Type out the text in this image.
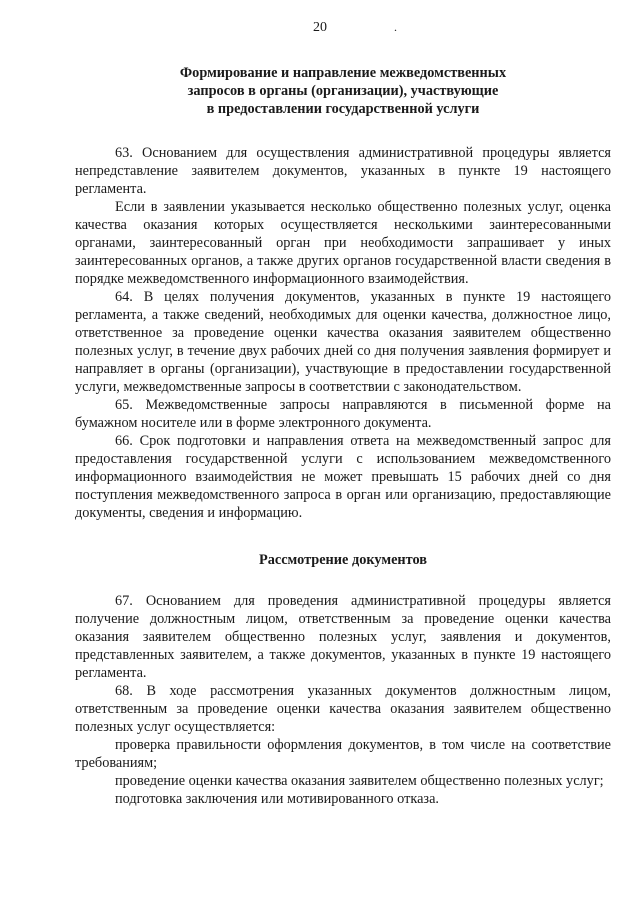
20	.
Формирование и направление межведомственных
запросов в органы (организации), участвующие
в предоставлении государственной услуги

63. Основанием для осуществления административной процедуры является непредставление заявителем документов, указанных в пункте 19 настоящего регламента.

Если в заявлении указывается несколько общественно полезных услуг, оценка качества оказания которых осуществляется несколькими заинтересованными органами, заинтересованный орган при необходимости запрашивает у иных заинтересованных органов, а также других органов государственной власти сведения в порядке межведомственного информационного взаимодействия.

64. В целях получения документов, указанных в пункте 19 настоящего регламента, а также сведений, необходимых для оценки качества, должностное лицо, ответственное за проведение оценки качества оказания заявителем общественно полезных услуг, в течение двух рабочих дней со дня получения заявления формирует и направляет в органы (организации), участвующие в предоставлении государственной услуги, межведомственные запросы в соответствии с законодательством.

65. Межведомственные запросы направляются в письменной форме на бумажном носителе или в форме электронного документа.

66. Срок подготовки и направления ответа на межведомственный запрос для предоставления государственной услуги с использованием межведомственного информационного взаимодействия не может превышать 15 рабочих дней со дня поступления межведомственного запроса в орган или организацию, предоставляющие документы, сведения и информацию.

Рассмотрение документов

67. Основанием для проведения административной процедуры является получение должностным лицом, ответственным за проведение оценки качества оказания заявителем общественно полезных услуг, заявления и документов, представленных заявителем, а также документов, указанных в пункте 19 настоящего регламента.

68. В ходе рассмотрения указанных документов должностным лицом, ответственным за проведение оценки качества оказания заявителем общественно полезных услуг осуществляется:

проверка правильности оформления документов, в том числе на соответствие требованиям;

проведение оценки качества оказания заявителем общественно полезных услуг;

подготовка заключения или мотивированного отказа.
